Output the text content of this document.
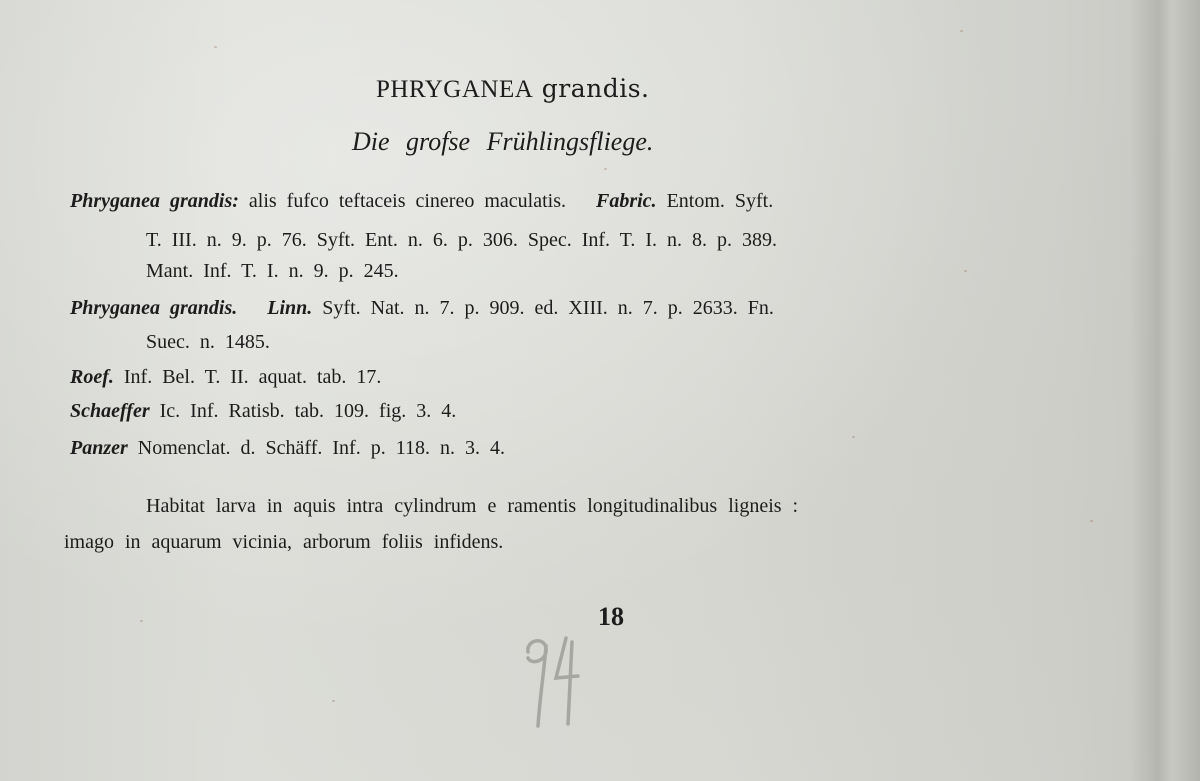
PHRYGANEA grandis.
Die grofse Frühlingsfliege.
Phryganea grandis: alis fufco teftaceis cinereo maculatis. Fabric. Entom. Syft.
T. III. n. 9. p. 76. Syft. Ent. n. 6. p. 306. Spec. Inf. T. I. n. 8. p. 389.
Mant. Inf. T. I. n. 9. p. 245.
Phryganea grandis. Linn. Syft. Nat. n. 7. p. 909. ed. XIII. n. 7. p. 2633. Fn.
Suec. n. 1485.
Roef. Inf. Bel. T. II. aquat. tab. 17.
Schaeffer Ic. Inf. Ratisb. tab. 109. fig. 3. 4.
Panzer Nomenclat. d. Schäff. Inf. p. 118. n. 3. 4.
Habitat larva in aquis intra cylindrum e ramentis longitudinalibus ligneis :
imago in aquarum vicinia, arborum foliis infidens.
18
